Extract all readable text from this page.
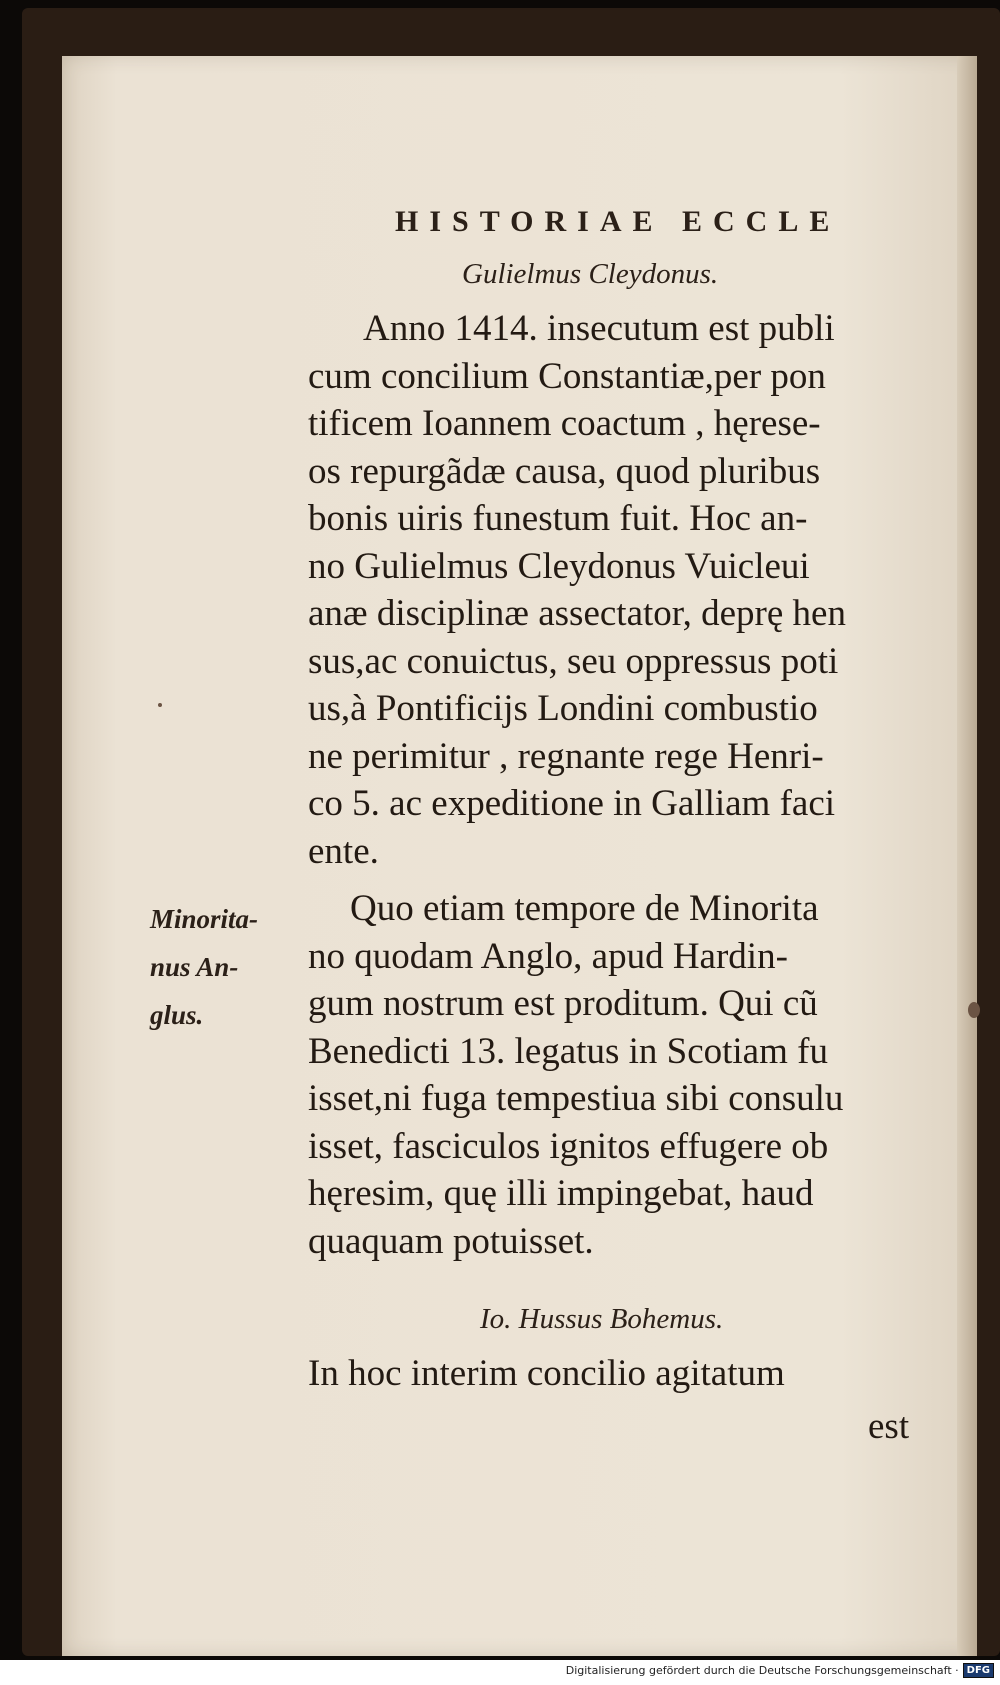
HISTORIAE ECCLE
Gulielmus Cleydonus.
Anno 1414. insecutum est publi
cum concilium Constantiæ,per pon
tificem Ioannem coactum , hęrese-
os repurgãdæ causa, quod pluribus
bonis uiris funestum fuit. Hoc an-
no Gulielmus Cleydonus Vuicleui
anæ disciplinæ assectator, deprę hen
sus,ac conuictus, seu oppressus poti
us,à Pontificijs Londini combustio
ne perimitur , regnante rege Henri-
co 5. ac expeditione in Galliam faci
ente.
Minorita-
nus An-
glus.
Quo etiam tempore de Minorita
no quodam Anglo, apud Hardin-
gum nostrum est proditum. Qui cũ
Benedicti 13. legatus in Scotiam fu
isset,ni fuga tempestiua sibi consulu
isset, fasciculos ignitos effugere ob
hęresim, quę illi impingebat, haud
quaquam potuisset.
Io. Hussus Bohemus.
In hoc interim concilio agitatum
est
Digitalisierung gefördert durch die Deutsche Forschungsgemeinschaft · DFG
